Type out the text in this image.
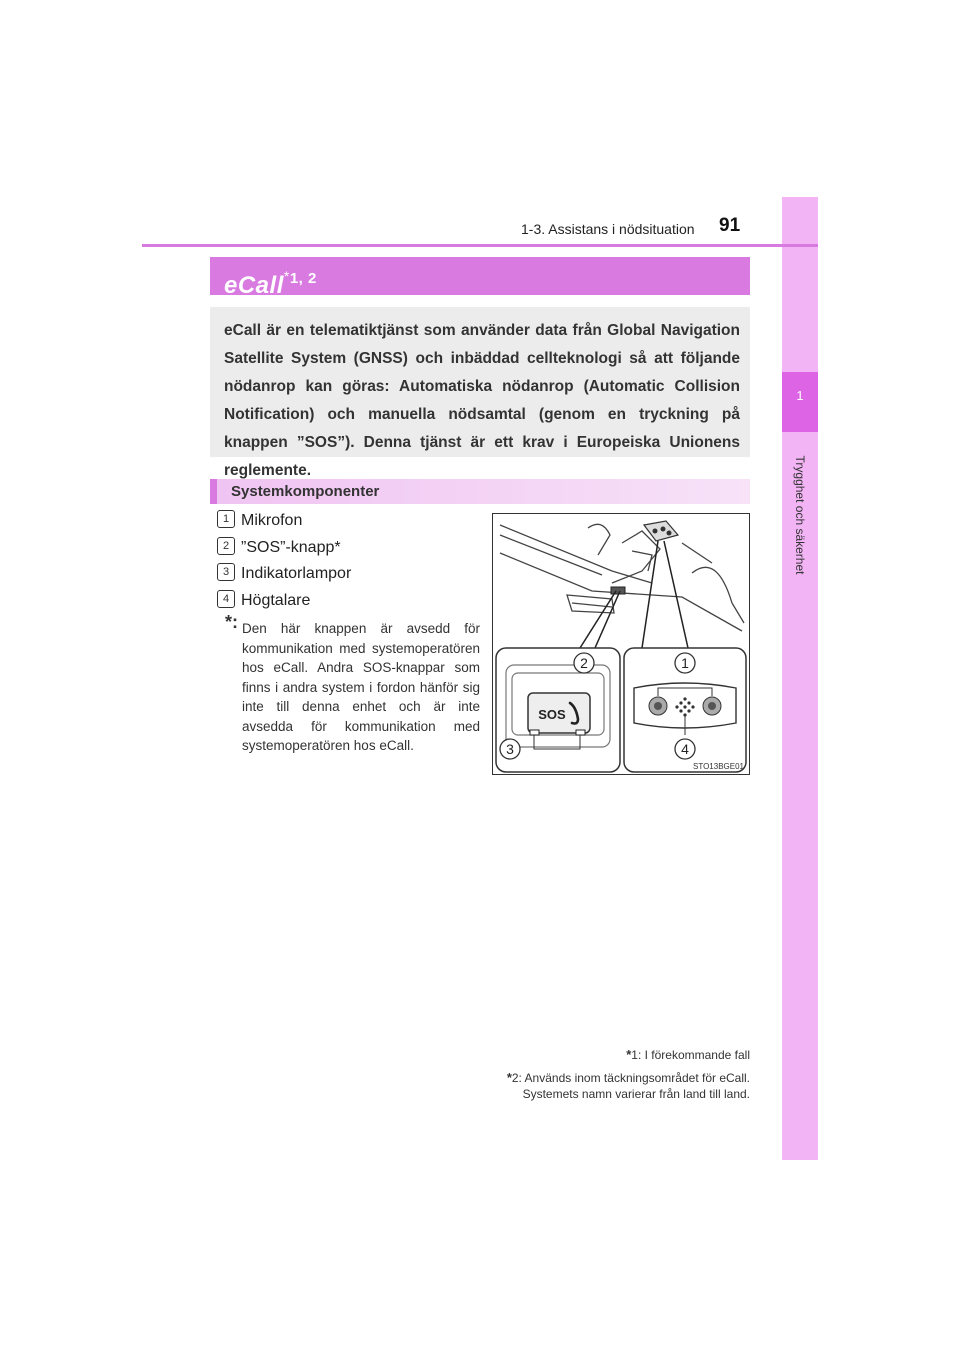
1
Trygghet och säkerhet
1-3. Assistans i nödsituation 91
eCall$^{*1, 2}$

eCall är en telematiktjänst som använder data från Global Navigation Satellite System (GNSS) och inbäddad cellteknologi så att följande nödanrop kan göras: Automatiska nödanrop (Automatic Collision Notification) och manuella nödsamtal (genom en tryckning på knappen ”SOS”). Denna tjänst är ett krav i Europeiska Unionens reglemente.

Systemkomponenter
1 Mikrofon
2 ”SOS”-knapp*
3 Indikatorlampor
4 Högtalare
*: Den här knappen är avsedd för kommunikation med systemoperatören hos eCall. Andra SOS-knappar som finns i andra system i fordon hänför sig inte till denna enhet och är inte avsedda för kommunikation med systemoperatören hos eCall.
SOS
2	1
3	4
STO13BGE01
*1: I förekommande fall
*2: Används inom täckningsområdet för eCall.
Systemets namn varierar från land till land.
